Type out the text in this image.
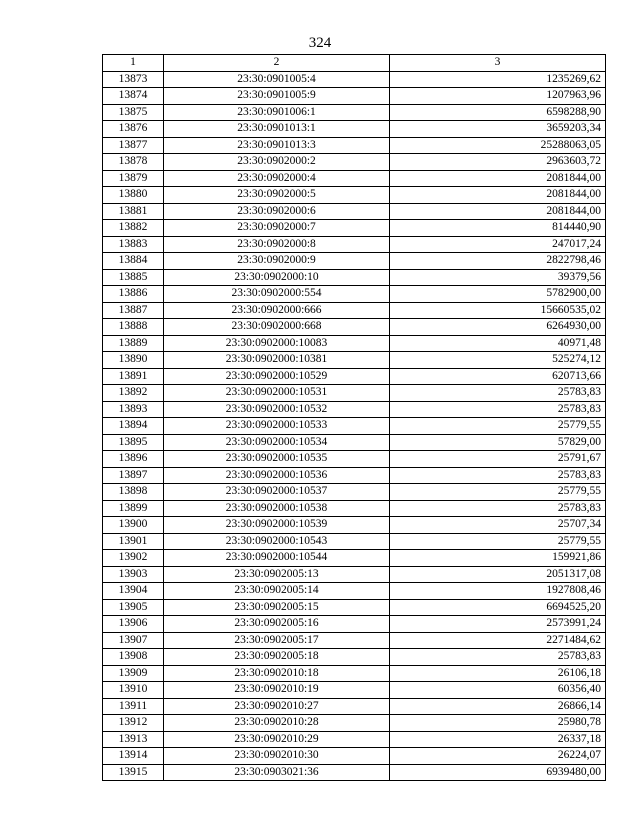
324
1	2	3
13873	23:30:0901005:4	1235269,62
13874	23:30:0901005:9	1207963,96
13875	23:30:0901006:1	6598288,90
13876	23:30:0901013:1	3659203,34
13877	23:30:0901013:3	25288063,05
13878	23:30:0902000:2	2963603,72
13879	23:30:0902000:4	2081844,00
13880	23:30:0902000:5	2081844,00
13881	23:30:0902000:6	2081844,00
13882	23:30:0902000:7	814440,90
13883	23:30:0902000:8	247017,24
13884	23:30:0902000:9	2822798,46
13885	23:30:0902000:10	39379,56
13886	23:30:0902000:554	5782900,00
13887	23:30:0902000:666	15660535,02
13888	23:30:0902000:668	6264930,00
13889	23:30:0902000:10083	40971,48
13890	23:30:0902000:10381	525274,12
13891	23:30:0902000:10529	620713,66
13892	23:30:0902000:10531	25783,83
13893	23:30:0902000:10532	25783,83
13894	23:30:0902000:10533	25779,55
13895	23:30:0902000:10534	57829,00
13896	23:30:0902000:10535	25791,67
13897	23:30:0902000:10536	25783,83
13898	23:30:0902000:10537	25779,55
13899	23:30:0902000:10538	25783,83
13900	23:30:0902000:10539	25707,34
13901	23:30:0902000:10543	25779,55
13902	23:30:0902000:10544	159921,86
13903	23:30:0902005:13	2051317,08
13904	23:30:0902005:14	1927808,46
13905	23:30:0902005:15	6694525,20
13906	23:30:0902005:16	2573991,24
13907	23:30:0902005:17	2271484,62
13908	23:30:0902005:18	25783,83
13909	23:30:0902010:18	26106,18
13910	23:30:0902010:19	60356,40
13911	23:30:0902010:27	26866,14
13912	23:30:0902010:28	25980,78
13913	23:30:0902010:29	26337,18
13914	23:30:0902010:30	26224,07
13915	23:30:0903021:36	6939480,00
